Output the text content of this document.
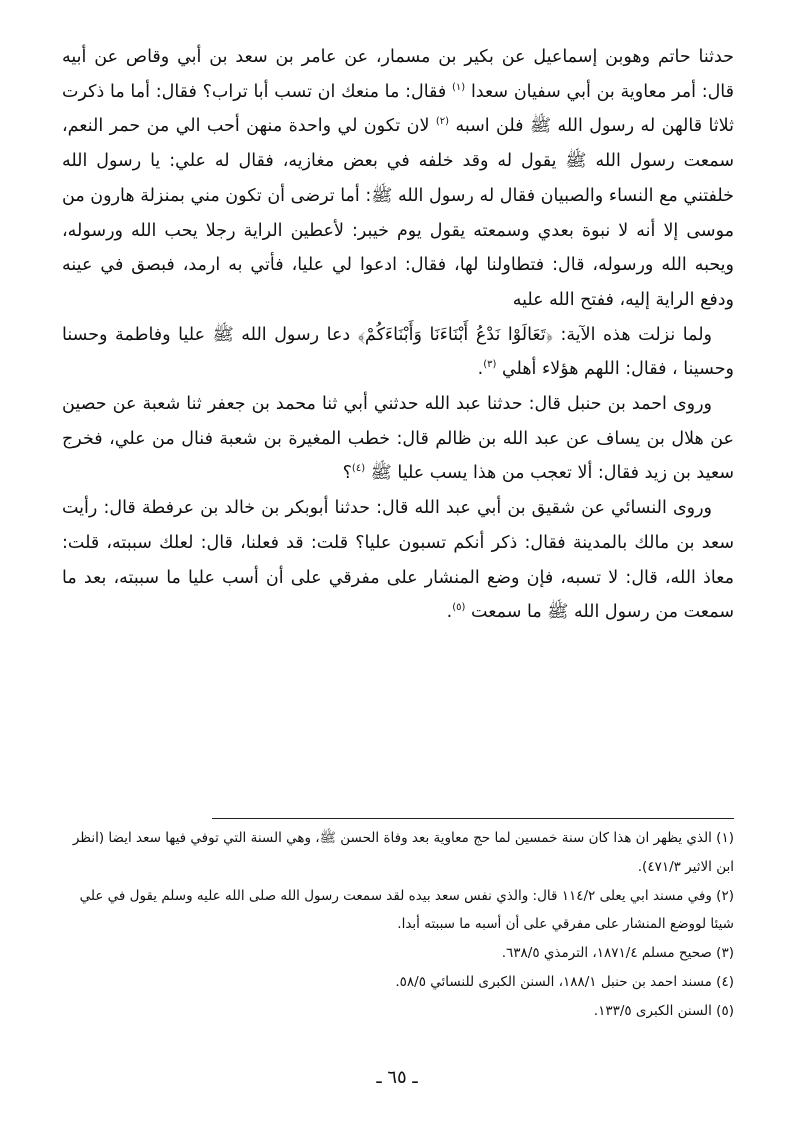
حدثنا حاتم وهوبن إسماعيل عن بكير بن مسمار، عن عامر بن سعد بن أبي وقاص عن أبيه قال: أمر معاوية بن أبي سفيان سعدا $^{(١)}$ فقال: ما منعك ان تسب أبا تراب؟ فقال: أما ما ذكرت ثلاثا قالهن له رسول الله ﷺ فلن اسبه $^{(٢)}$ لان تكون لي واحدة منهن أحب الي من حمر النعم، سمعت رسول الله ﷺ يقول له وقد خلفه في بعض مغازيه، فقال له علي: يا رسول الله خلفتني مع النساء والصبيان فقال له رسول الله ﷺ: أما ترضى أن تكون مني بمنزلة هارون من موسى إلا أنه لا نبوة بعدي وسمعته يقول يوم خيبر: لأعطين الراية رجلا يحب الله ورسوله، ويحبه الله ورسوله، قال: فتطاولنا لها، فقال: ادعوا لي عليا، فأتي به ارمد، فبصق في عينه ودفع الراية إليه، ففتح الله عليه

ولما نزلت هذه الآية: ﴿تَعَالَوْا نَدْعُ أَبْنَاءَنَا وَأَبْنَاءَكُمْ﴾ دعا رسول الله ﷺ عليا وفاطمة وحسنا وحسينا ، فقال: اللهم هؤلاء أهلي $^{(٣)}$.

وروى احمد بن حنبل قال: حدثنا عبد الله حدثني أبي ثنا محمد بن جعفر ثنا شعبة عن حصين عن هلال بن يساف عن عبد الله بن ظالم قال: خطب المغيرة بن شعبة فنال من علي، فخرج سعيد بن زيد فقال: ألا تعجب من هذا يسب عليا ﷺ $^{(٤)}$؟

وروى النسائي عن شقيق بن أبي عبد الله قال: حدثنا أبوبكر بن خالد بن عرفطة قال: رأيت سعد بن مالك بالمدينة فقال: ذكر أنكم تسبون عليا؟ قلت: قد فعلنا، قال: لعلك سببته، قلت: معاذ الله، قال: لا تسبه، فإن وضع المنشار على مفرقي على أن أسب عليا ما سببته، بعد ما سمعت من رسول الله ﷺ ما سمعت $^{(٥)}$.

(١) الذي يظهر ان هذا كان سنة خمسين لما حج معاوية بعد وفاة الحسن ﷺ، وهي السنة التي توفي فيها سعد ايضا (انظر ابن الاثير ٤٧١/٣).

(٢) وفي مسند ابي يعلى ١١٤/٢ قال: والذي نفس سعد بيده لقد سمعت رسول الله صلى الله عليه وسلم يقول في علي شيئا لووضع المنشار على مفرقي على أن أسبه ما سببته أبدا.

(٣) صحيح مسلم ١٨٧١/٤، الترمذي ٦٣٨/٥.

(٤) مسند احمد بن حنبل ١٨٨/١، السنن الكبرى للنسائي ٥٨/٥.

(٥) السنن الكبرى ١٣٣/٥.

ـ ٦٥ ـ
